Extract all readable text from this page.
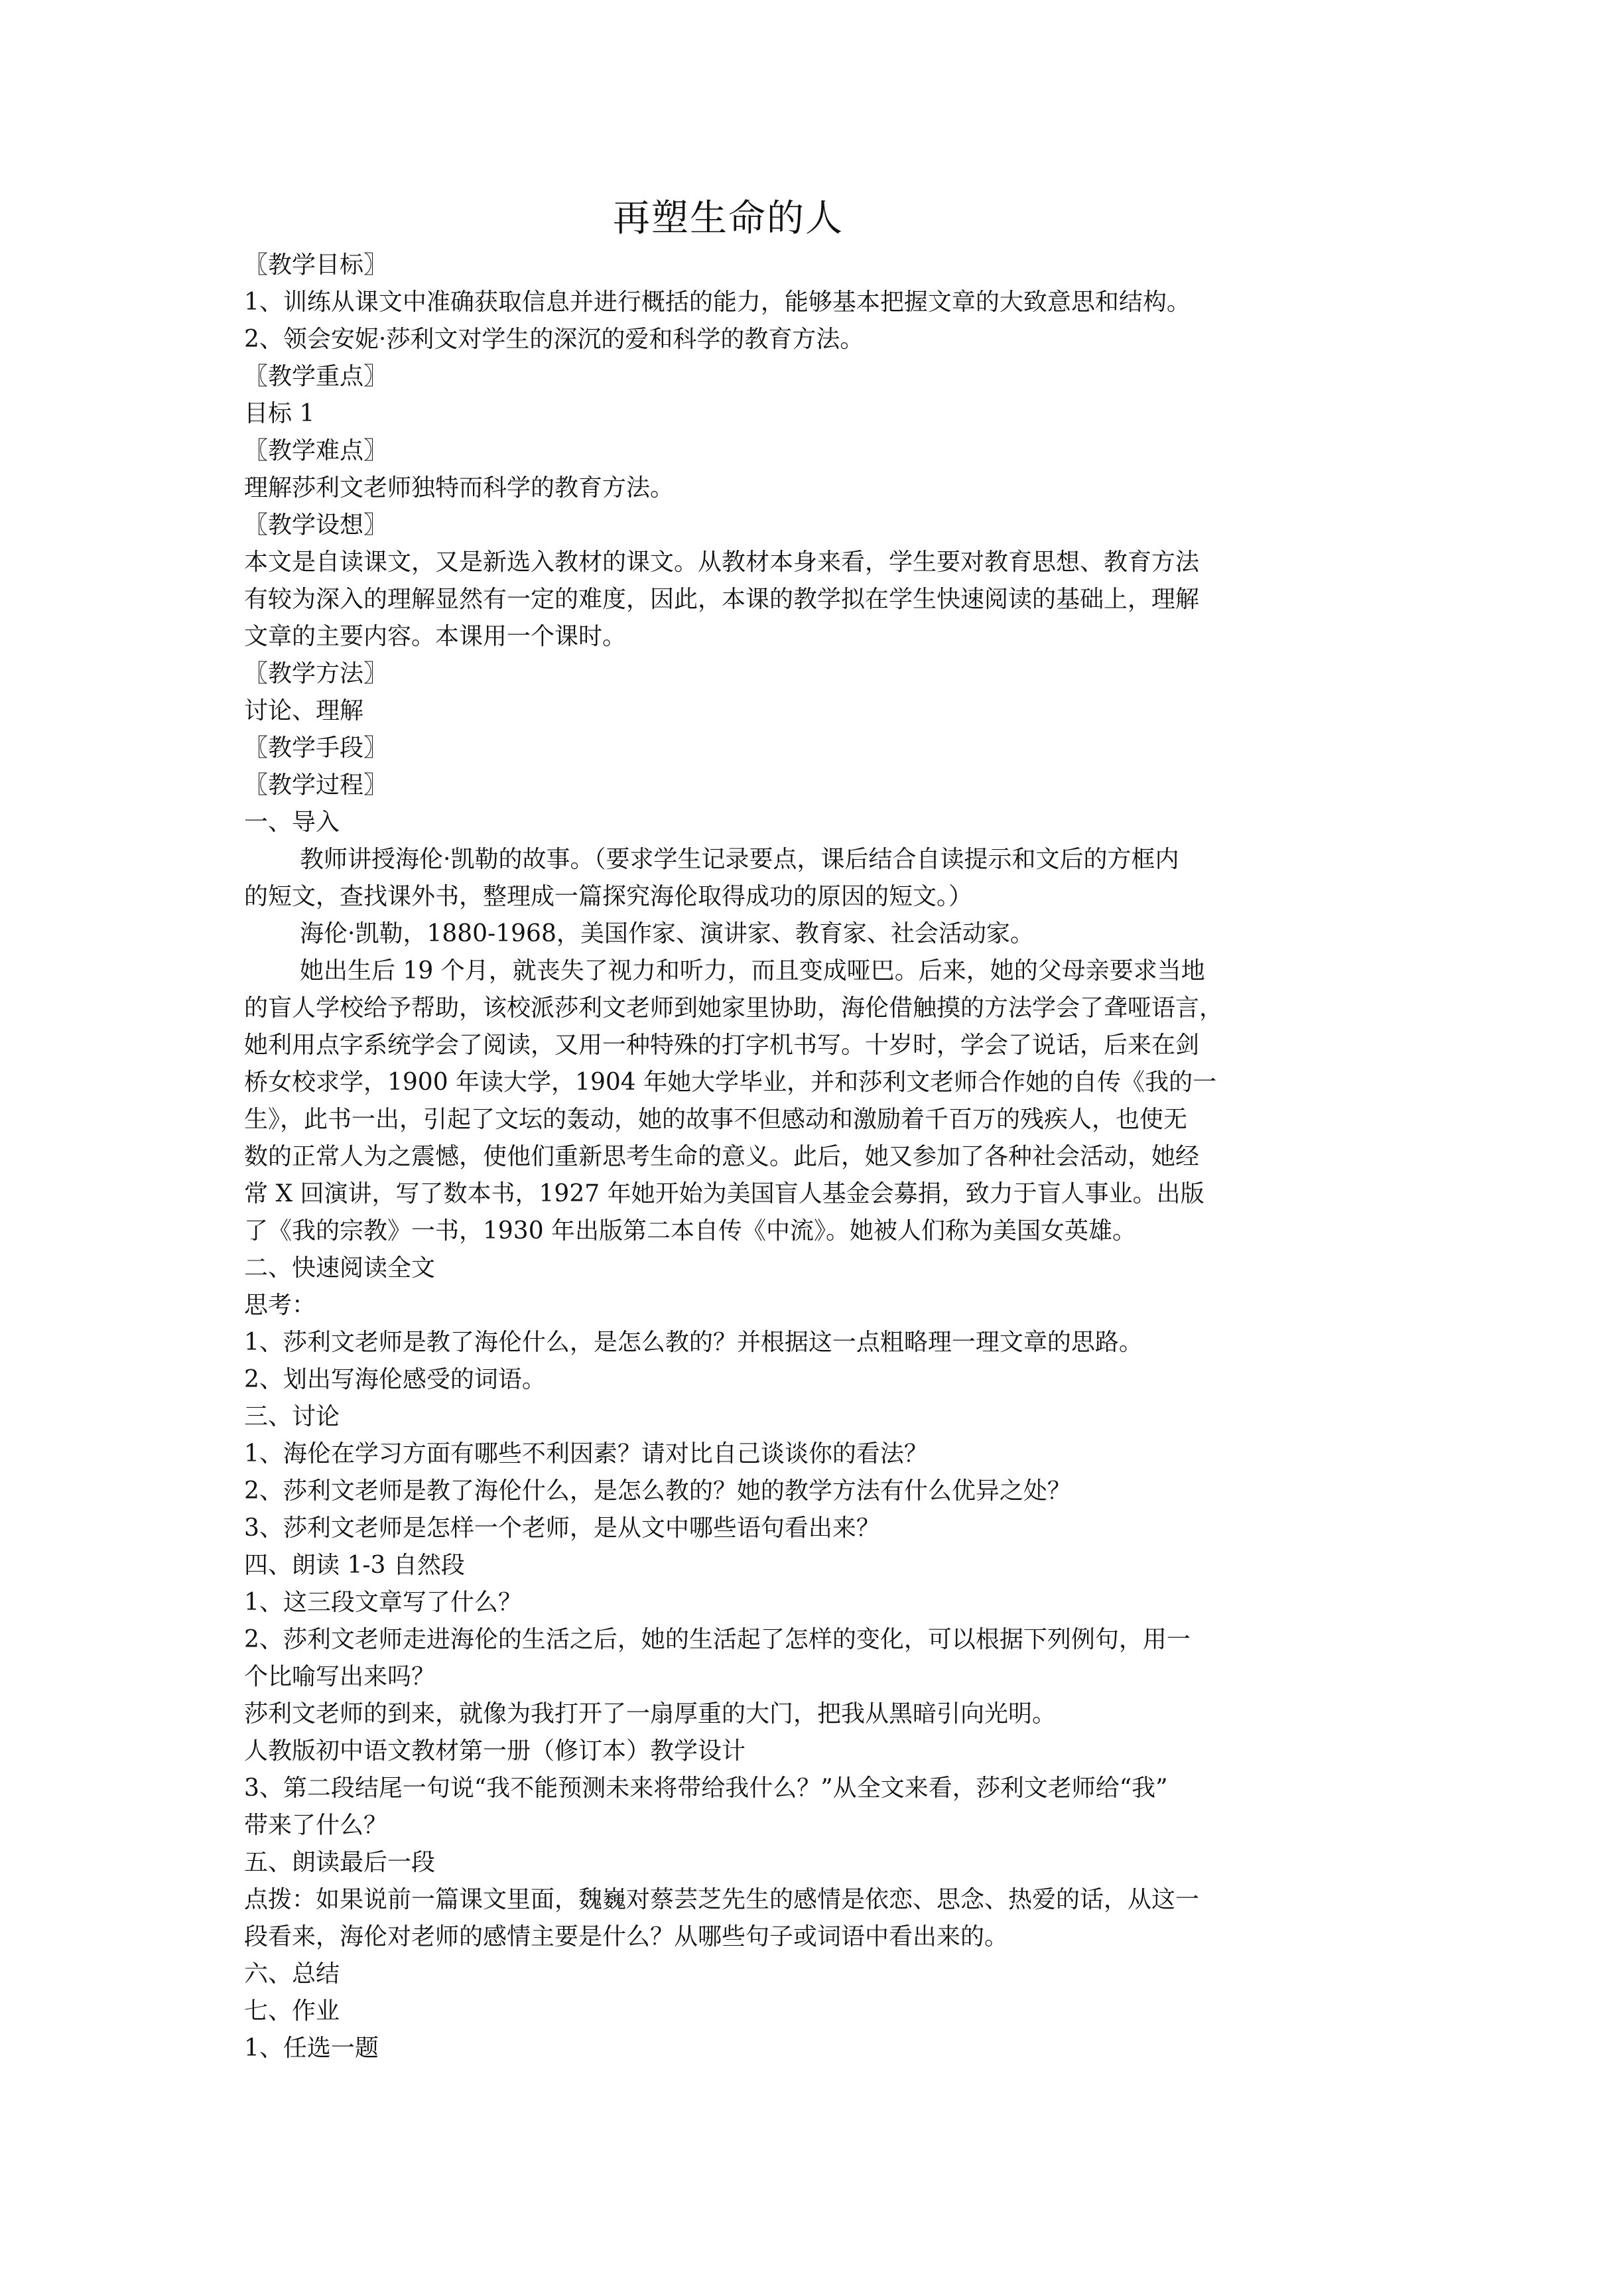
再塑生命的人

〖教学目标〗

1、训练从课文中准确获取信息并进行概括的能力，能够基本把握文章的大致意思和结构。

2、领会安妮·莎利文对学生的深沉的爱和科学的教育方法。

〖教学重点〗

目标 1

〖教学难点〗

理解莎利文老师独特而科学的教育方法。

〖教学设想〗

本文是自读课文，又是新选入教材的课文。从教材本身来看，学生要对教育思想、教育方法
有较为深入的理解显然有一定的难度，因此，本课的教学拟在学生快速阅读的基础上，理解
文章的主要内容。本课用一个课时。

〖教学方法〗

讨论、理解

〖教学手段〗

〖教学过程〗

一、导入

教师讲授海伦·凯勒的故事。（要求学生记录要点，课后结合自读提示和文后的方框内
的短文，查找课外书，整理成一篇探究海伦取得成功的原因的短文。）

海伦·凯勒，1880-1968，美国作家、演讲家、教育家、社会活动家。

她出生后 19 个月，就丧失了视力和听力，而且变成哑巴。后来，她的父母亲要求当地
的盲人学校给予帮助，该校派莎利文老师到她家里协助，海伦借触摸的方法学会了聋哑语言，
她利用点字系统学会了阅读，又用一种特殊的打字机书写。十岁时，学会了说话，后来在剑
桥女校求学，1900 年读大学，1904 年她大学毕业，并和莎利文老师合作她的自传《我的一
生》，此书一出，引起了文坛的轰动，她的故事不但感动和激励着千百万的残疾人，也使无
数的正常人为之震憾，使他们重新思考生命的意义。此后，她又参加了各种社会活动，她经
常 X 回演讲，写了数本书，1927 年她开始为美国盲人基金会募捐，致力于盲人事业。出版
了《我的宗教》一书，1930 年出版第二本自传《中流》。她被人们称为美国女英雄。

二、快速阅读全文

思考：

1、莎利文老师是教了海伦什么，是怎么教的？并根据这一点粗略理一理文章的思路。

2、划出写海伦感受的词语。

三、讨论

1、海伦在学习方面有哪些不利因素？请对比自己谈谈你的看法？

2、莎利文老师是教了海伦什么，是怎么教的？她的教学方法有什么优异之处？

3、莎利文老师是怎样一个老师，是从文中哪些语句看出来？

四、朗读 1-3 自然段

1、这三段文章写了什么？

2、莎利文老师走进海伦的生活之后，她的生活起了怎样的变化，可以根据下列例句，用一
个比喻写出来吗？

莎利文老师的到来，就像为我打开了一扇厚重的大门，把我从黑暗引向光明。

人教版初中语文教材第一册（修订本）教学设计

3、第二段结尾一句说“我不能预测未来将带给我什么？”从全文来看，莎利文老师给“我”
带来了什么？

五、朗读最后一段

点拨：如果说前一篇课文里面，魏巍对蔡芸芝先生的感情是依恋、思念、热爱的话，从这一
段看来，海伦对老师的感情主要是什么？从哪些句子或词语中看出来的。

六、总结

七、作业

1、任选一题
